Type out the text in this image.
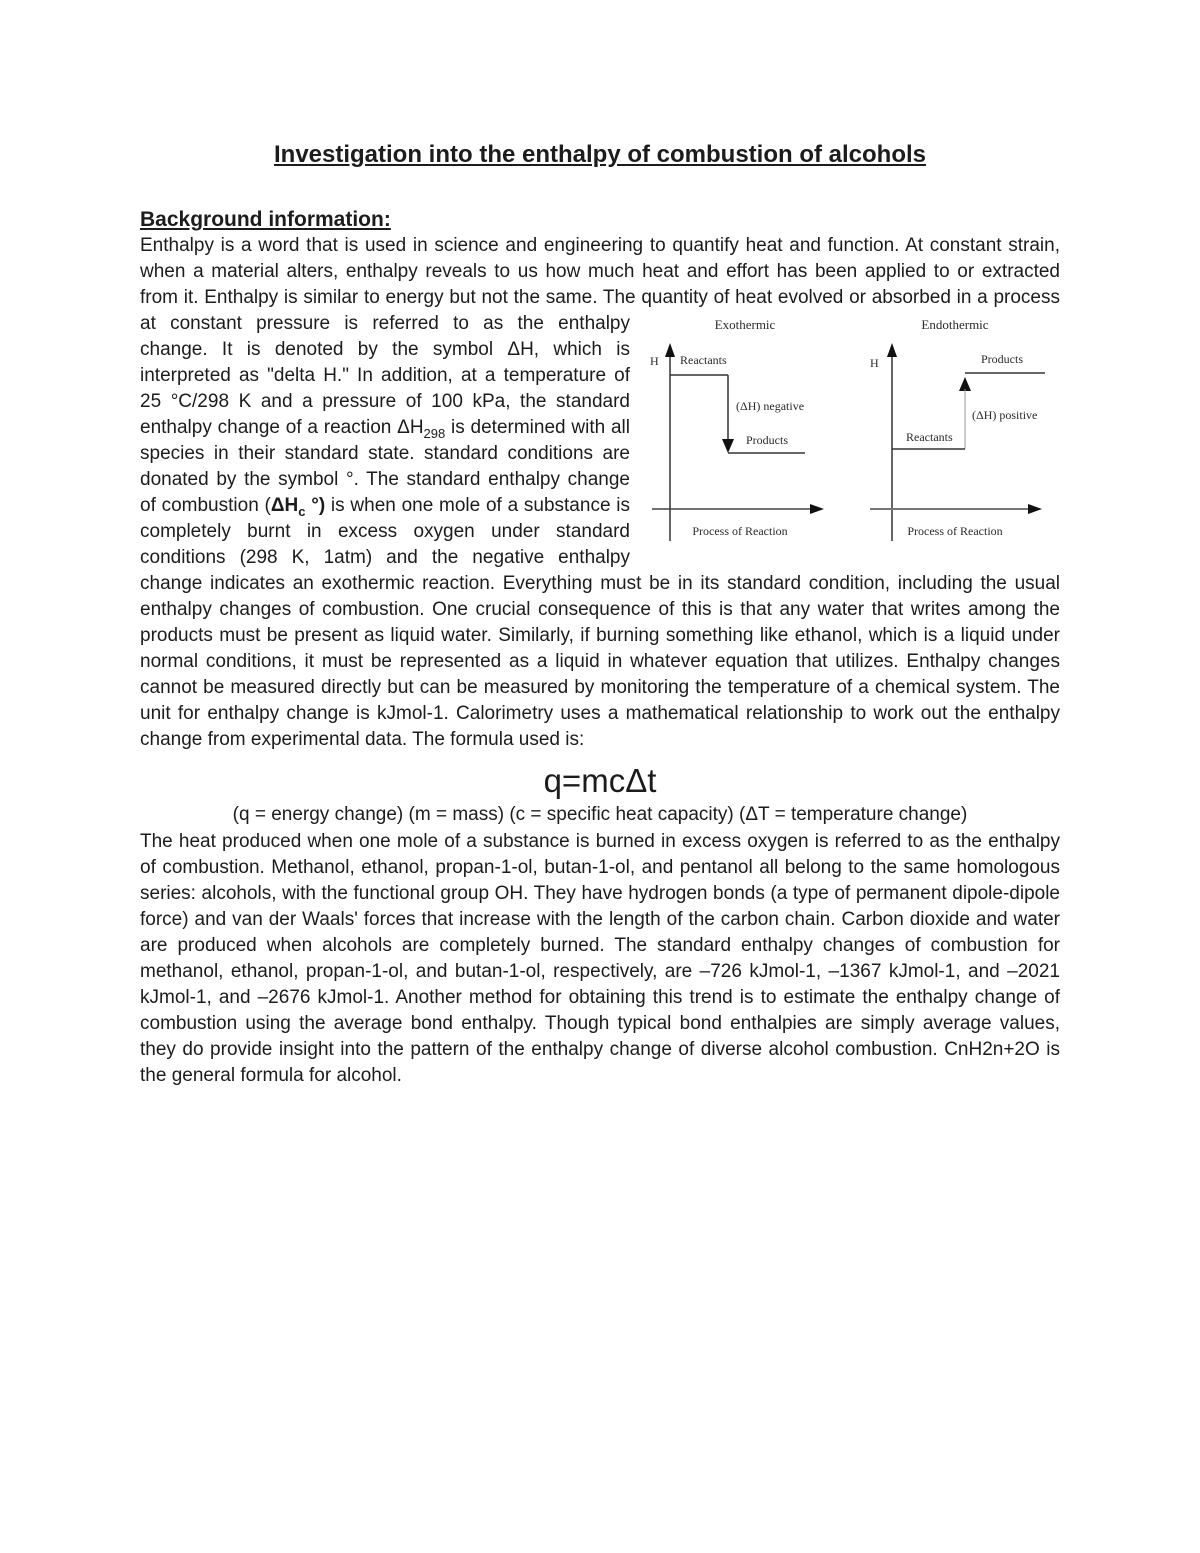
Investigation into the enthalpy of combustion of alcohols
Background information:

Enthalpy is a word that is used in science and engineering to quantify heat and function. At constant strain, when a material alters, enthalpy reveals to us how much heat and effort has been applied to or extracted from it. Enthalpy is similar to energy but not the same. The quantity of heat evolved or absorbed in a process at constant pressure is	Exothermic
H Reactants
(ΔH) negative
Products
Process of Reaction
Endothermic
H	Products
(ΔH) positive
Reactants
Process of Reaction
referred to as the enthalpy change. It is denoted by the symbol ΔH, which is interpreted as "delta H." In addition, at a temperature of 25 °C/298 K and a pressure of 100 kPa, the standard enthalpy change of a reaction $\Delta H_{298}$ is determined with all species in their standard state. standard conditions are donated by the symbol °. The standard enthalpy change of combustion ($\Delta H_c$ °) is when one mole of a substance is completely burnt in excess oxygen under standard conditions (298 K, 1atm) and the negative enthalpy change indicates an exothermic reaction. Everything must be in its standard condition, including the usual enthalpy changes of combustion. One crucial consequence of this is that any water that writes among the products must be present as liquid water. Similarly, if burning something like ethanol, which is a liquid under normal conditions, it must be represented as a liquid in whatever equation that utilizes. Enthalpy changes cannot be measured directly but can be measured by monitoring the temperature of a chemical system. The unit for enthalpy change is kJmol-1. Calorimetry uses a mathematical relationship to work out the enthalpy change from experimental data. The formula used is:

q=mcΔt

(q = energy change) (m = mass) (c = specific heat capacity) (ΔT = temperature change)

The heat produced when one mole of a substance is burned in excess oxygen is referred to as the enthalpy of combustion. Methanol, ethanol, propan-1-ol, butan-1-ol, and pentanol all belong to the same homologous series: alcohols, with the functional group OH. They have hydrogen bonds (a type of permanent dipole-dipole force) and van der Waals' forces that increase with the length of the carbon chain. Carbon dioxide and water are produced when alcohols are completely burned. The standard enthalpy changes of combustion for methanol, ethanol, propan-1-ol, and butan-1-ol, respectively, are –726 kJmol-1, –1367 kJmol-1, and –2021 kJmol-1, and –2676 kJmol-1. Another method for obtaining this trend is to estimate the enthalpy change of combustion using the average bond enthalpy. Though typical bond enthalpies are simply average values, they do provide insight into the pattern of the enthalpy change of diverse alcohol combustion. CnH2n+2O is the general formula for alcohol.
